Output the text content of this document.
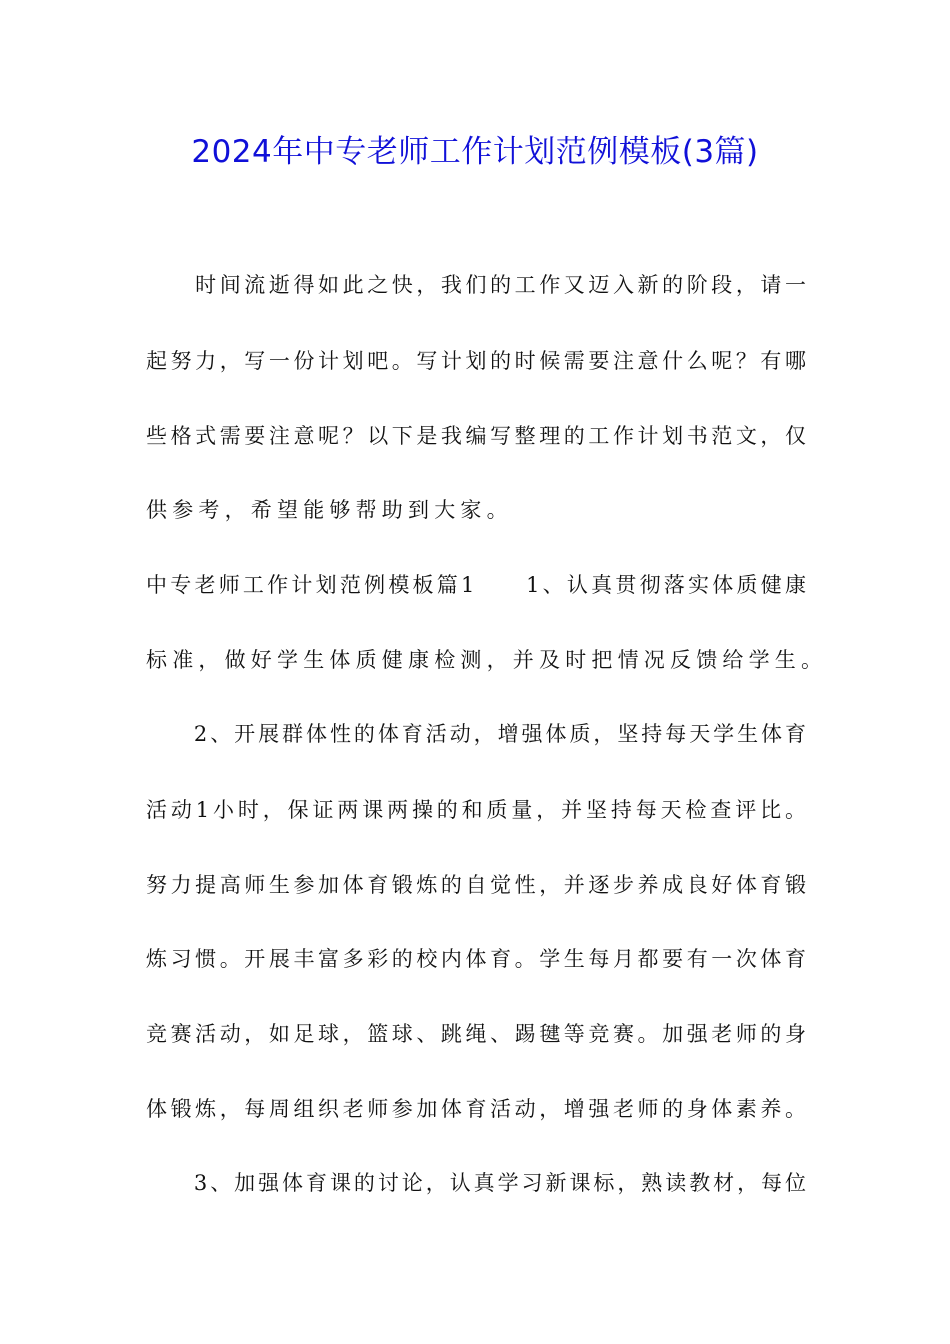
2024年中专老师工作计划范例模板(3篇)
　　时间流逝得如此之快，我们的工作又迈入新的阶段，请一
起努力，写一份计划吧。写计划的时候需要注意什么呢？有哪
些格式需要注意呢？以下是我编写整理的工作计划书范文，仅
供参考，希望能够帮助到大家。
中专老师工作计划范例模板篇1　　1、认真贯彻落实体质健康
标准，做好学生体质健康检测，并及时把情况反馈给学生。
　　2、开展群体性的体育活动，增强体质，坚持每天学生体育
活动1小时，保证两课两操的和质量，并坚持每天检查评比。
努力提高师生参加体育锻炼的自觉性，并逐步养成良好体育锻
炼习惯。开展丰富多彩的校内体育。学生每月都要有一次体育
竞赛活动，如足球，篮球、跳绳、踢毽等竞赛。加强老师的身
体锻炼，每周组织老师参加体育活动，增强老师的身体素养。
　　3、加强体育课的讨论，认真学习新课标，熟读教材，每位
